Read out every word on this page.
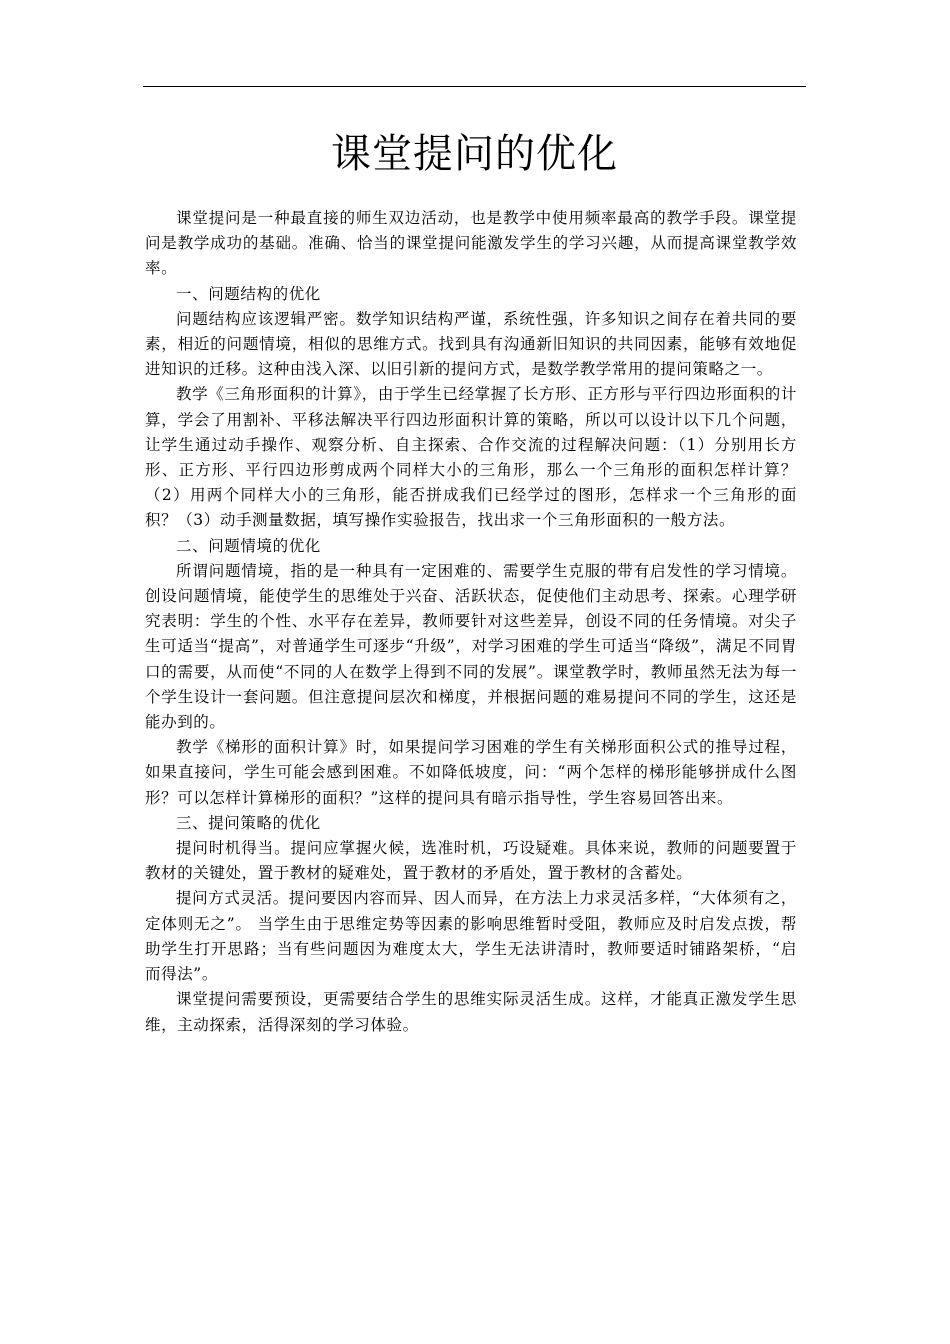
课堂提问的优化

课堂提问是一种最直接的师生双边活动，也是教学中使用频率最高的教学手段。课堂提问是教学成功的基础。准确、恰当的课堂提问能激发学生的学习兴趣，从而提高课堂教学效率。

一、问题结构的优化

问题结构应该逻辑严密。数学知识结构严谨，系统性强，许多知识之间存在着共同的要素，相近的问题情境，相似的思维方式。找到具有沟通新旧知识的共同因素，能够有效地促进知识的迁移。这种由浅入深、以旧引新的提问方式，是数学教学常用的提问策略之一。

教学《三角形面积的计算》，由于学生已经掌握了长方形、正方形与平行四边形面积的计算，学会了用割补、平移法解决平行四边形面积计算的策略，所以可以设计以下几个问题，让学生通过动手操作、观察分析、自主探索、合作交流的过程解决问题：（1）分别用长方形、正方形、平行四边形剪成两个同样大小的三角形，那么一个三角形的面积怎样计算？（2）用两个同样大小的三角形，能否拼成我们已经学过的图形，怎样求一个三角形的面积？（3）动手测量数据，填写操作实验报告，找出求一个三角形面积的一般方法。

二、问题情境的优化

所谓问题情境，指的是一种具有一定困难的、需要学生克服的带有启发性的学习情境。创设问题情境，能使学生的思维处于兴奋、活跃状态，促使他们主动思考、探索。心理学研究表明：学生的个性、水平存在差异，教师要针对这些差异，创设不同的任务情境。对尖子生可适当“提高”，对普通学生可逐步“升级”，对学习困难的学生可适当“降级”，满足不同胃口的需要，从而使“不同的人在数学上得到不同的发展”。课堂教学时，教师虽然无法为每一个学生设计一套问题。但注意提问层次和梯度，并根据问题的难易提问不同的学生，这还是能办到的。

教学《梯形的面积计算》时，如果提问学习困难的学生有关梯形面积公式的推导过程，如果直接问，学生可能会感到困难。不如降低坡度，问：“两个怎样的梯形能够拼成什么图形？可以怎样计算梯形的面积？”这样的提问具有暗示指导性，学生容易回答出来。

三、提问策略的优化

提问时机得当。提问应掌握火候，选准时机，巧设疑难。具体来说，教师的问题要置于教材的关键处，置于教材的疑难处，置于教材的矛盾处，置于教材的含蓄处。

提问方式灵活。提问要因内容而异、因人而异，在方法上力求灵活多样，“大体须有之，定体则无之”。 当学生由于思维定势等因素的影响思维暂时受阻，教师应及时启发点拨，帮助学生打开思路；当有些问题因为难度太大，学生无法讲清时，教师要适时铺路架桥，“启而得法”。

课堂提问需要预设，更需要结合学生的思维实际灵活生成。这样，才能真正激发学生思维，主动探索，活得深刻的学习体验。
